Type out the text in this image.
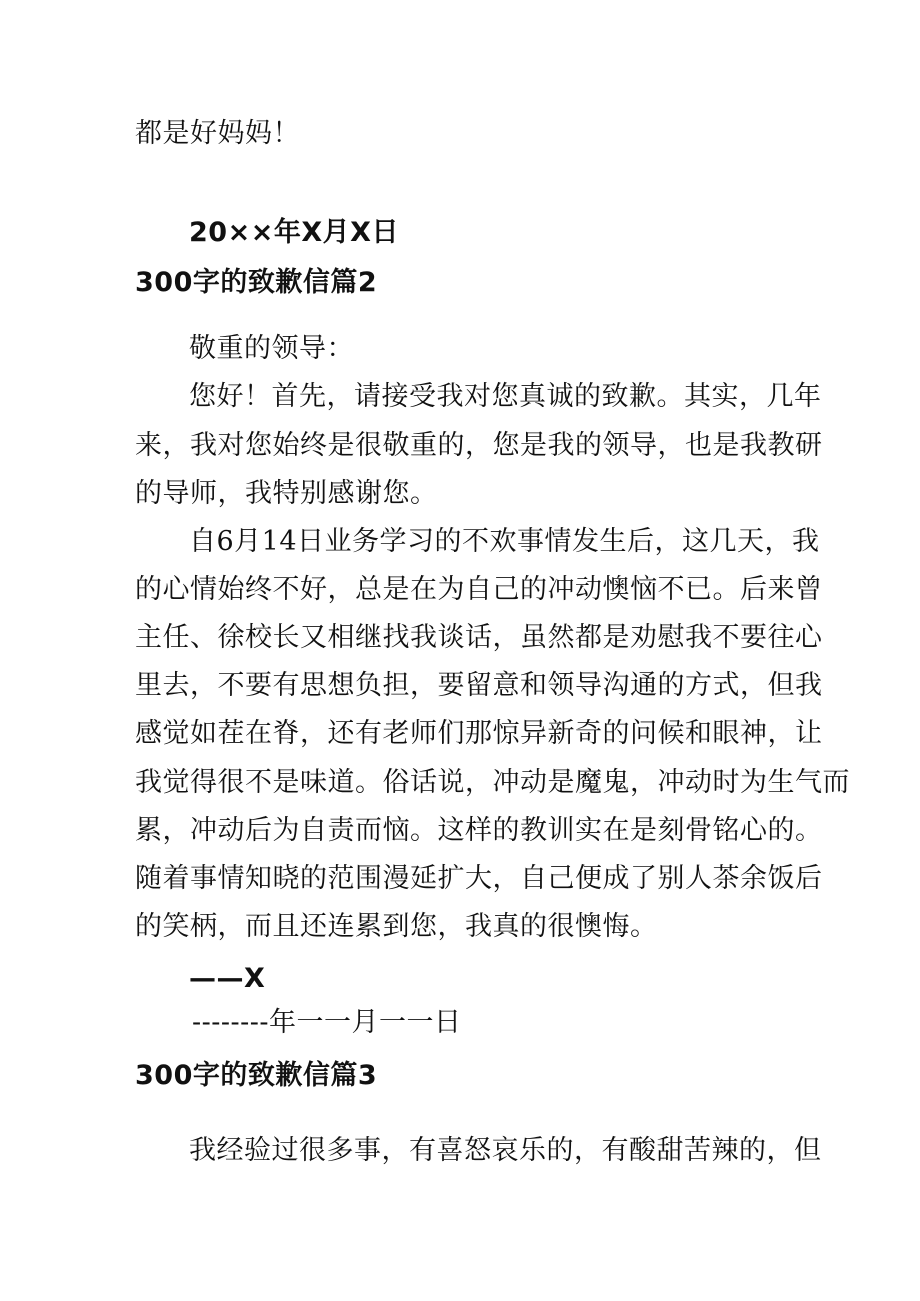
都是好妈妈！
20××年X月X日
300字的致歉信篇2
敬重的领导：
您好！首先，请接受我对您真诚的致歉。其实，几年
来，我对您始终是很敬重的，您是我的领导，也是我教研
的导师，我特别感谢您。
自6月14日业务学习的不欢事情发生后，这几天，我
的心情始终不好，总是在为自己的冲动懊恼不已。后来曾
主任、徐校长又相继找我谈话，虽然都是劝慰我不要往心
里去，不要有思想负担，要留意和领导沟通的方式，但我
感觉如茬在脊，还有老师们那惊异新奇的问候和眼神，让
我觉得很不是味道。俗话说，冲动是魔鬼，冲动时为生气而
累，冲动后为自责而恼。这样的教训实在是刻骨铭心的。
随着事情知晓的范围漫延扩大，自己便成了别人茶余饭后
的笑柄，而且还连累到您，我真的很懊悔。
——X
--------年一一月一一日
300字的致歉信篇3
我经验过很多事，有喜怒哀乐的，有酸甜苦辣的，但
